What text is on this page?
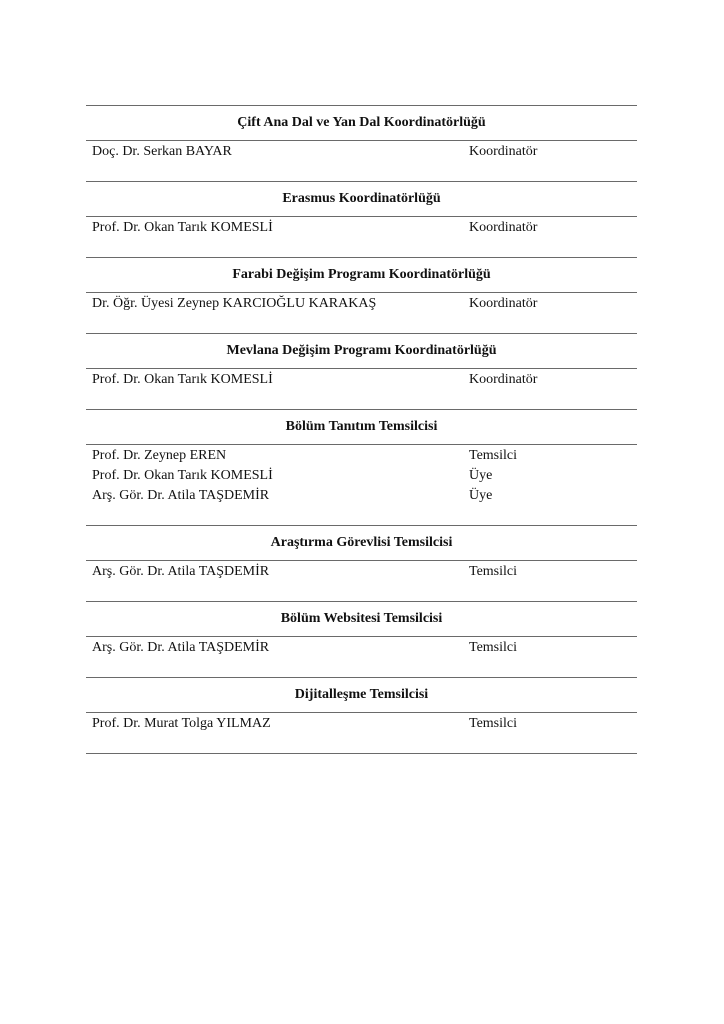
Çift Ana Dal ve Yan Dal Koordinatörlüğü
Doç. Dr. Serkan BAYAR	Koordinatör
Erasmus Koordinatörlüğü
Prof. Dr. Okan Tarık KOMESLİ	Koordinatör
Farabi Değişim Programı Koordinatörlüğü
Dr. Öğr. Üyesi Zeynep KARCIOĞLU KARAKAŞ	Koordinatör
Mevlana Değişim Programı Koordinatörlüğü
Prof. Dr. Okan Tarık KOMESLİ	Koordinatör
Bölüm Tanıtım Temsilcisi
Prof. Dr. Zeynep EREN	Temsilci
Prof. Dr. Okan Tarık KOMESLİ	Üye
Arş. Gör. Dr. Atila TAŞDEMİR	Üye
Araştırma Görevlisi Temsilcisi
Arş. Gör. Dr. Atila TAŞDEMİR	Temsilci
Bölüm Websitesi Temsilcisi
Arş. Gör. Dr. Atila TAŞDEMİR	Temsilci
Dijitalleşme Temsilcisi
Prof. Dr. Murat Tolga YILMAZ	Temsilci
